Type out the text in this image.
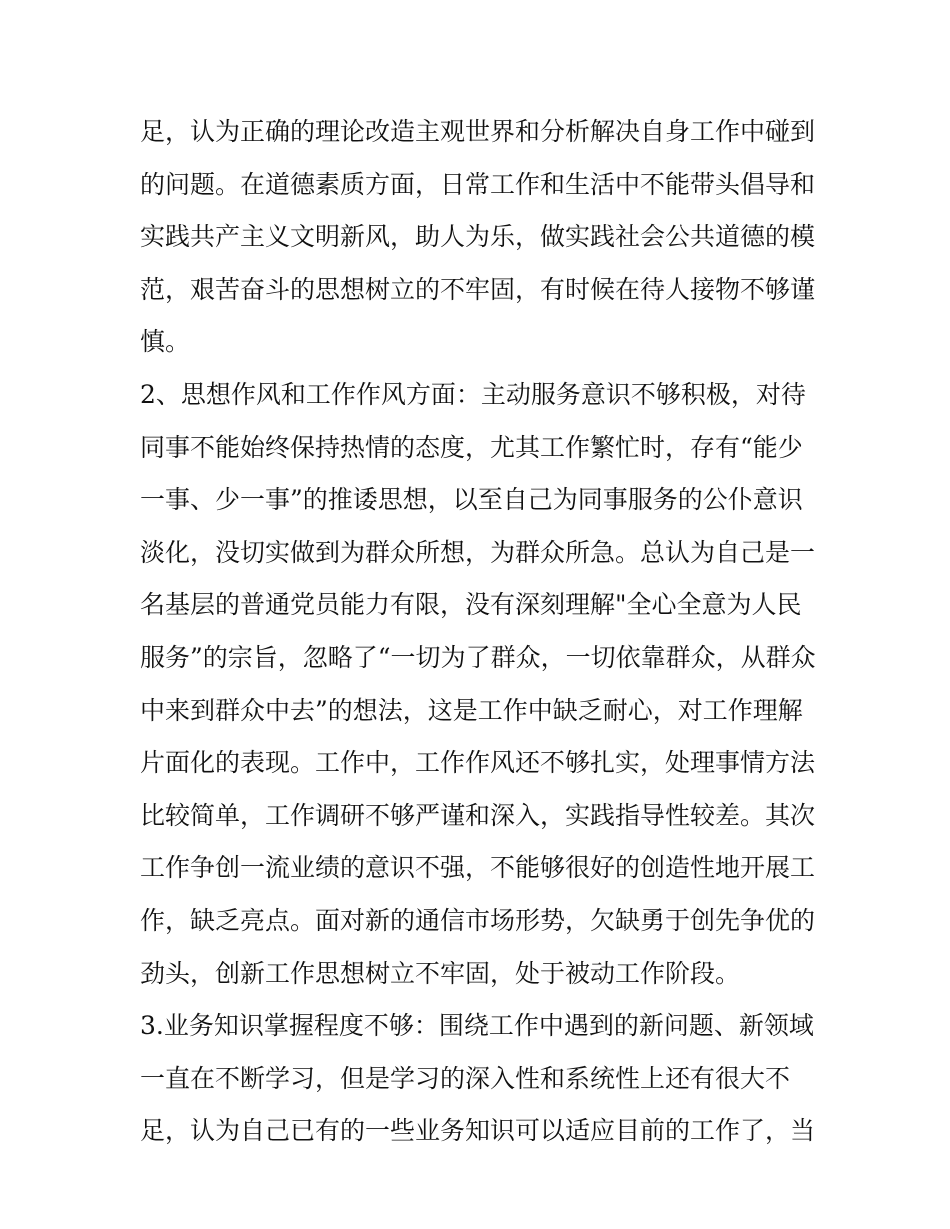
足，认为正确的理论改造主观世界和分析解决自身工作中碰到
的问题。在道德素质方面，日常工作和生活中不能带头倡导和
实践共产主义文明新风，助人为乐，做实践社会公共道德的模
范，艰苦奋斗的思想树立的不牢固，有时候在待人接物不够谨
慎。
2、思想作风和工作作风方面：主动服务意识不够积极，对待
同事不能始终保持热情的态度，尤其工作繁忙时，存有“能少
一事、少一事”的推诿思想，以至自己为同事服务的公仆意识
淡化，没切实做到为群众所想，为群众所急。总认为自己是一
名基层的普通党员能力有限，没有深刻理解"全心全意为人民
服务”的宗旨，忽略了“一切为了群众，一切依靠群众，从群众
中来到群众中去”的想法，这是工作中缺乏耐心，对工作理解
片面化的表现。工作中，工作作风还不够扎实，处理事情方法
比较简单，工作调研不够严谨和深入，实践指导性较差。其次
工作争创一流业绩的意识不强，不能够很好的创造性地开展工
作，缺乏亮点。面对新的通信市场形势，欠缺勇于创先争优的
劲头，创新工作思想树立不牢固，处于被动工作阶段。
3.业务知识掌握程度不够：围绕工作中遇到的新问题、新领域
一直在不断学习，但是学习的深入性和系统性上还有很大不
足，认为自己已有的一些业务知识可以适应目前的工作了，当
